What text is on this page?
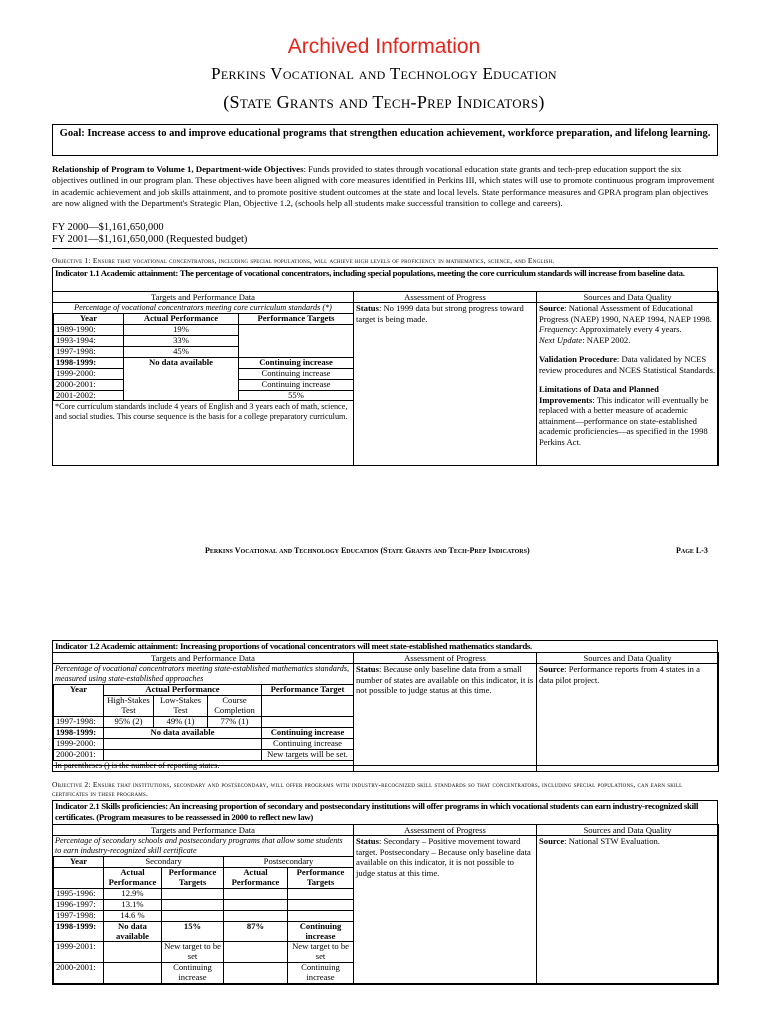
Archived Information
Perkins Vocational and Technology Education
(State Grants and Tech-Prep Indicators)
Goal: Increase access to and improve educational programs that strengthen education achievement, workforce preparation, and lifelong learning.
Relationship of Program to Volume 1, Department-wide Objectives: Funds provided to states through vocational education state grants and tech-prep education support the six objectives outlined in our program plan. These objectives have been aligned with core measures identified in Perkins III, which states will use to promote continuous program improvement in academic achievement and job skills attainment, and to promote positive student outcomes at the state and local levels. State performance measures and GPRA program plan objectives are now aligned with the Department's Strategic Plan, Objective 1.2, (schools help all students make successful transition to college and careers).
FY 2000—$1,161,650,000
FY 2001—$1,161,650,000 (Requested budget)
Objective 1: Ensure that vocational concentrators, including special populations, will achieve high levels of proficiency in mathematics, science, and English.
Indicator 1.1 Academic attainment: The percentage of vocational concentrators, including special populations, meeting the core curriculum standards will increase from baseline data.
Targets and Performance Data	Assessment of Progress	Sources and Data Quality

Percentage of vocational concentrators meeting core curriculum standards (*)
Year	Actual Performance	Performance Targets
1989-1990:	19%	
1993-1994:	33%
1997-1998:	45%
1998-1999:	No data available	Continuing increase
1999-2000:	Continuing increase
2000-2001:	Continuing increase
2001-2002:	55%
*Core curriculum standards include 4 years of English and 3 years each of math, science, and social studies. This course sequence is the basis for a college preparatory curriculum.
	Status: No 1999 data but strong progress toward target is being made.	
Source: National Assessment of Educational Progress (NAEP) 1990, NAEP 1994, NAEP 1998.
Frequency: Approximately every 4 years.
Next Update: NAEP 2002.
Validation Procedure: Data validated by NCES review procedures and NCES Statistical Standards.
Limitations of Data and Planned Improvements: This indicator will eventually be replaced with a better measure of academic attainment—performance on state-established academic proficiencies—as specified in the 1998 Perkins Act.
Perkins Vocational and Technology Education (State Grants and Tech-Prep Indicators)	Page L-3
Indicator 1.2 Academic attainment: Increasing proportions of vocational concentrators will meet state-established mathematics standards.
Targets and Performance Data	Assessment of Progress	Sources and Data Quality

Percentage of vocational concentrators meeting state-established mathematics standards, measured using state-established approaches
Year	Actual Performance	Performance Target
High-Stakes Test	Low-Stakes Test	Course Completion	
1997-1998:	95% (2)	49% (1)	77% (1)	
1998-1999:	No data available	Continuing increase
1999-2000:		Continuing increase
2000-2001:		New targets will be set.
In parentheses () is the number of reporting states.
	Status: Because only baseline data from a small number of states are available on this indicator, it is not possible to judge status at this time.	Source: Performance reports from 4 states in a data pilot project.
Objective 2: Ensure that institutions, secondary and postsecondary, will offer programs with industry-recognized skill standards so that concentrators, including special populations, can earn skill certificates in these programs.
Indicator 2.1 Skills proficiencies: An increasing proportion of secondary and postsecondary institutions will offer programs in which vocational students can earn industry-recognized skill certificates. (Program measures to be reassessed in 2000 to reflect new law)
Targets and Performance Data	Assessment of Progress	Sources and Data Quality

Percentage of secondary schools and postsecondary programs that allow some students to earn industry-recognized skill certificate
Year	Secondary	Postsecondary
	Actual Performance	Performance Targets	Actual Performance	Performance Targets
1995-1996:	12.9%			
1996-1997:	13.1%			
1997-1998:	14.6 %			
1998-1999:	No data available	15%	87%	Continuing increase
1999-2001:		New target to be set		New target to be set
2000-2001:		Continuing increase		Continuing increase
	Status: Secondary – Positive movement toward target. Postsecondary – Because only baseline data available on this indicator, it is not possible to judge status at this time.	Source: National STW Evaluation.
